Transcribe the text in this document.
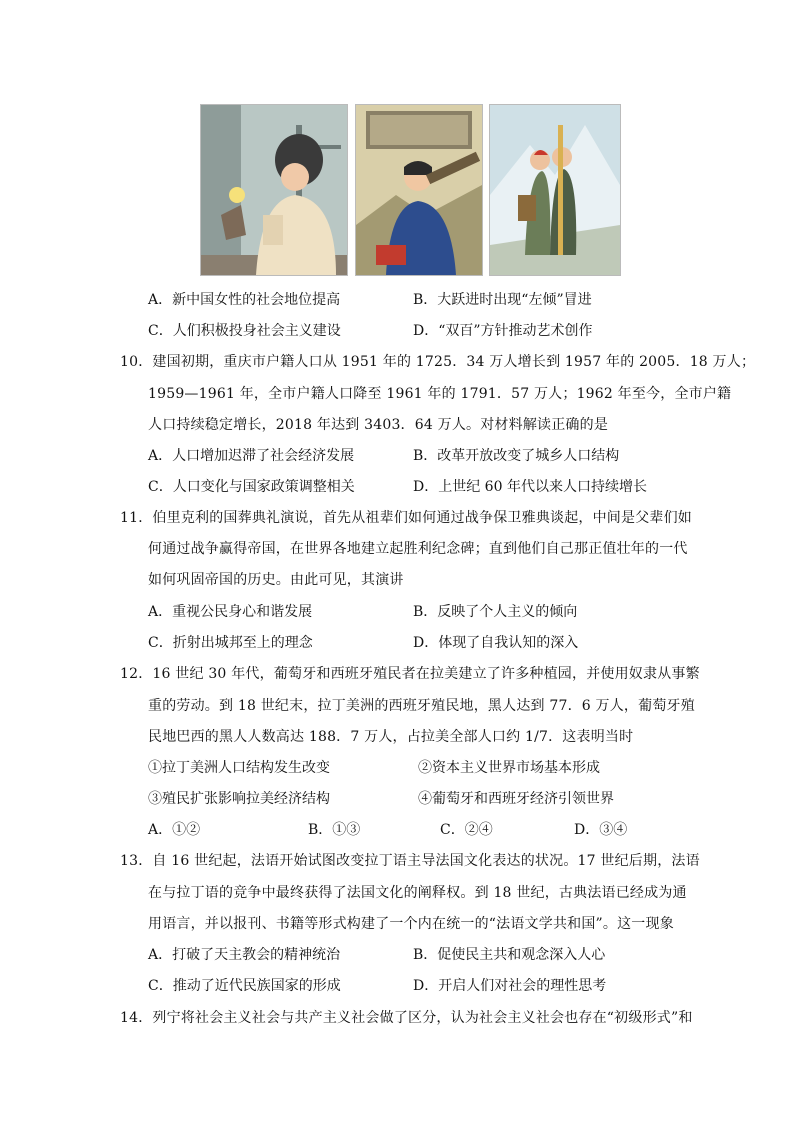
A．新中国女性的社会地位提高	B．大跃进时出现“左倾”冒进
C．人们积极投身社会主义建设	D．“双百”方针推动艺术创作
10．建国初期，重庆市户籍人口从 1951 年的 1725．34 万人增长到 1957 年的 2005．18 万人；
1959—1961 年，全市户籍人口降至 1961 年的 1791．57 万人；1962 年至今，全市户籍
人口持续稳定增长，2018 年达到 3403．64 万人。对材料解读正确的是
A．人口增加迟滞了社会经济发展	B．改革开放改变了城乡人口结构
C．人口变化与国家政策调整相关	D．上世纪 60 年代以来人口持续增长
11．伯里克利的国葬典礼演说，首先从祖辈们如何通过战争保卫雅典谈起，中间是父辈们如
何通过战争赢得帝国，在世界各地建立起胜利纪念碑；直到他们自己那正值壮年的一代
如何巩固帝国的历史。由此可见，其演讲
A．重视公民身心和谐发展	B．反映了个人主义的倾向
C．折射出城邦至上的理念	D．体现了自我认知的深入
12．16 世纪 30 年代，葡萄牙和西班牙殖民者在拉美建立了许多种植园，并使用奴隶从事繁
重的劳动。到 18 世纪末，拉丁美洲的西班牙殖民地，黑人达到 77．6 万人，葡萄牙殖
民地巴西的黑人人数高达 188．7 万人，占拉美全部人口约 1/7．这表明当时
①拉丁美洲人口结构发生改变	②资本主义世界市场基本形成
③殖民扩张影响拉美经济结构	④葡萄牙和西班牙经济引领世界
A．①②	B．①③	C．②④	D．③④
13．自 16 世纪起，法语开始试图改变拉丁语主导法国文化表达的状况。17 世纪后期，法语
在与拉丁语的竞争中最终获得了法国文化的阐释权。到 18 世纪，古典法语已经成为通
用语言，并以报刊、书籍等形式构建了一个内在统一的“法语文学共和国”。这一现象
A．打破了天主教会的精神统治	B．促使民主共和观念深入人心
C．推动了近代民族国家的形成	D．开启人们对社会的理性思考
14．列宁将社会主义社会与共产主义社会做了区分，认为社会主义社会也存在“初级形式”和
